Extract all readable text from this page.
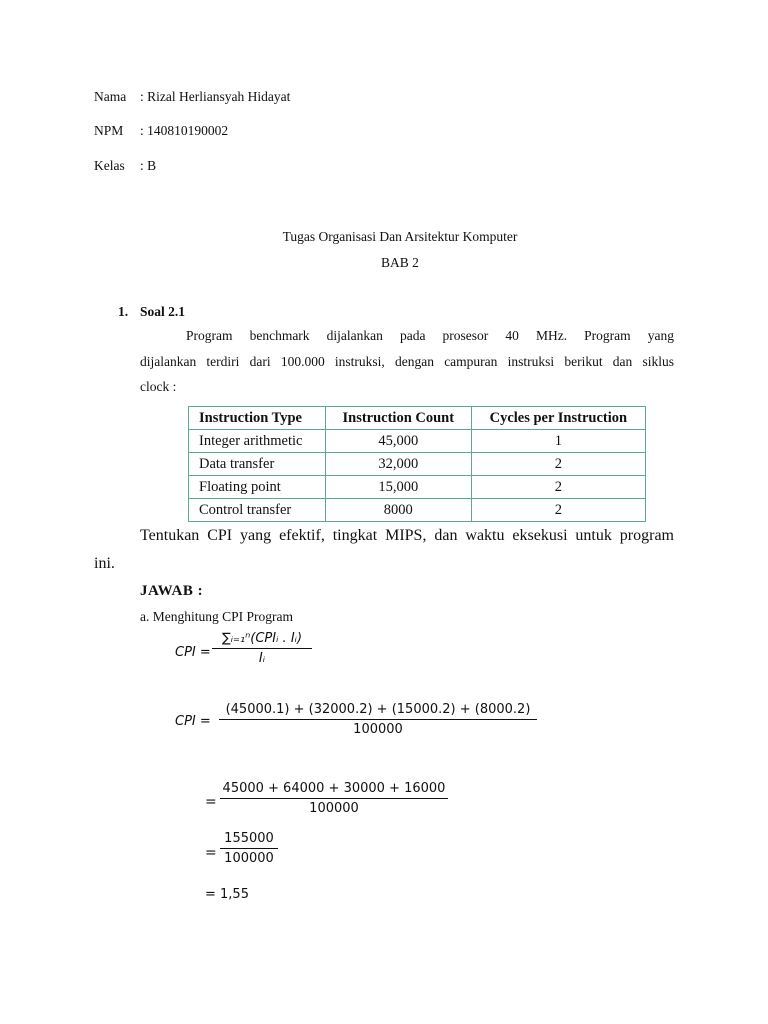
Nama : Rizal Herliansyah Hidayat
NPM : 140810190002
Kelas : B
Tugas Organisasi Dan Arsitektur Komputer
BAB 2
1. Soal 2.1
Program benchmark dijalankan pada prosesor 40 MHz. Program yang
dijalankan terdiri dari 100.000 instruksi, dengan campuran instruksi berikut dan siklus
clock :
Instruction Type	Instruction Count	Cycles per Instruction
Integer arithmetic	45,000	1
Data transfer	32,000	2
Floating point	15,000	2
Control transfer	8000	2
Tentukan CPI yang efektif, tingkat MIPS, dan waktu eksekusi untuk program
ini.
JAWAB :
a. Menghitung CPI Program
CPI =
∑ᵢ₌₁ⁿ(CPIᵢ . Iᵢ)
Iᵢ
CPI =
(45000.1) + (32000.2) + (15000.2) + (8000.2)
100000
=
45000 + 64000 + 30000 + 16000
100000
=
155000
100000
= 1,55
